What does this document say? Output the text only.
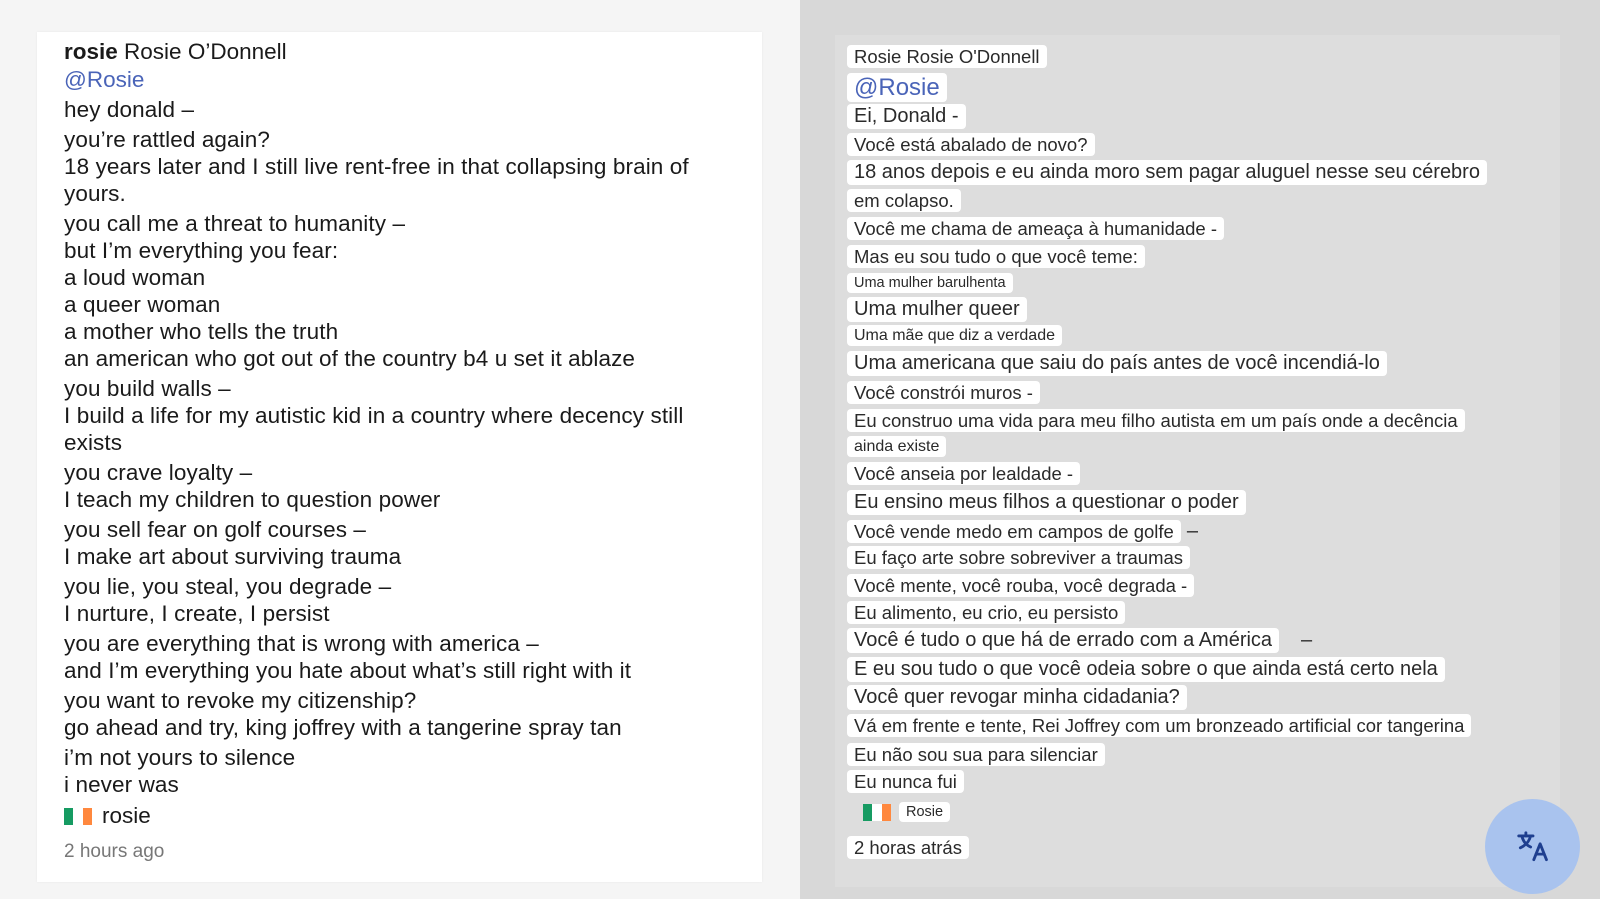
rosie Rosie O’Donnell
@Rosie
hey donald –
you’re rattled again?
18 years later and I still live rent-free in that collapsing brain of yours.
you call me a threat to humanity –
but I’m everything you fear:
a loud woman
a queer woman
a mother who tells the truth
an american who got out of the country b4 u set it ablaze
you build walls –
I build a life for my autistic kid in a country where decency still exists
you crave loyalty –
I teach my children to question power
you sell fear on golf courses –
I make art about surviving trauma
you lie, you steal, you degrade –
I nurture, I create, I persist
you are everything that is wrong with america –
and I’m everything you hate about what’s still right with it
you want to revoke my citizenship?
go ahead and try, king joffrey with a tangerine spray tan
i’m not yours to silence
i never was
rosie
2 hours ago
Rosie Rosie O'Donnell
@Rosie
Ei, Donald -
Você está abalado de novo?
18 anos depois e eu ainda moro sem pagar aluguel nesse seu cérebro
em colapso.
Você me chama de ameaça à humanidade -
Mas eu sou tudo o que você teme:
Uma mulher barulhenta
Uma mulher queer
Uma mãe que diz a verdade
Uma americana que saiu do país antes de você incendiá-lo
Você constrói muros -
Eu construo uma vida para meu filho autista em um país onde a decência
ainda existe
Você anseia por lealdade -
Eu ensino meus filhos a questionar o poder
Você vende medo em campos de golfe –
Eu faço arte sobre sobreviver a traumas
Você mente, você rouba, você degrada -
Eu alimento, eu crio, eu persisto
Você é tudo o que há de errado com a América	–
E eu sou tudo o que você odeia sobre o que ainda está certo nela
Você quer revogar minha cidadania?
Vá em frente e tente, Rei Joffrey com um bronzeado artificial cor tangerina
Eu não sou sua para silenciar
Eu nunca fui
Rosie
2 horas atrás
